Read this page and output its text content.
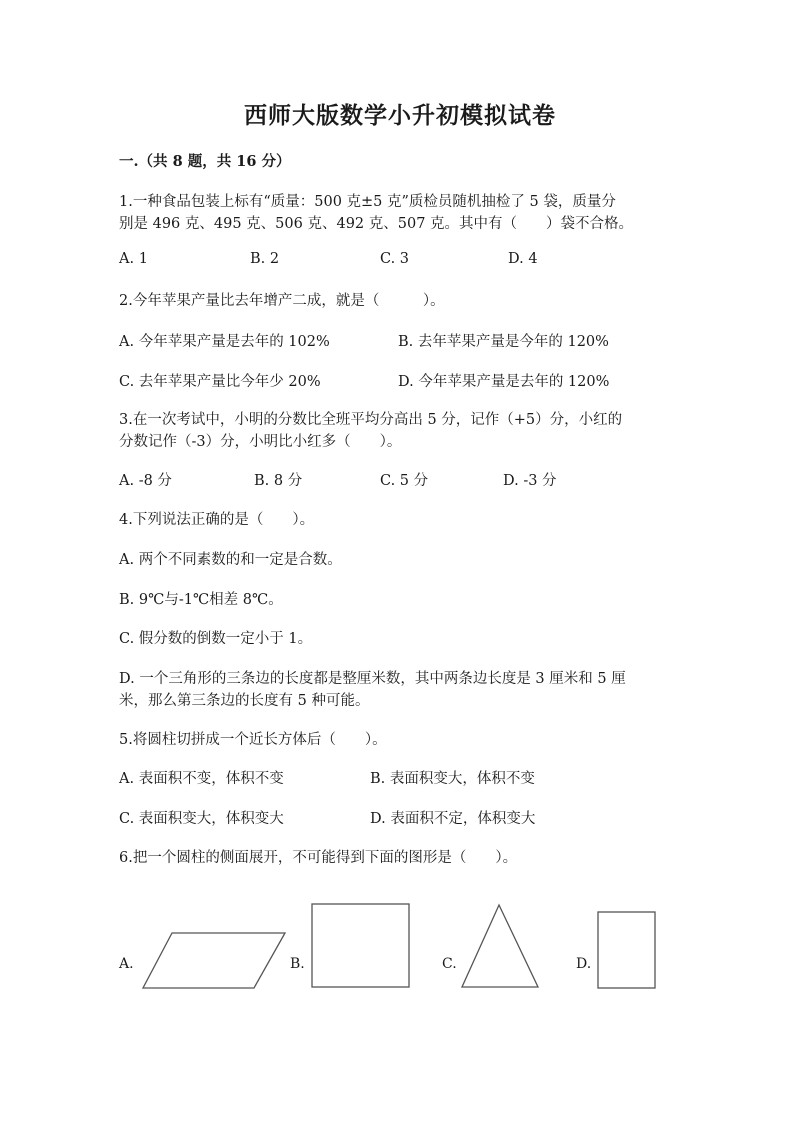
西师大版数学小升初模拟试卷
一.（共 8 题，共 16 分）
1.一种食品包装上标有“质量：500 克±5 克”质检员随机抽检了 5 袋，质量分
别是 496 克、495 克、506 克、492 克、507 克。其中有（　　）袋不合格。
A. 1	B. 2	C. 3	D. 4
2.今年苹果产量比去年增产二成，就是（　　　）。
A. 今年苹果产量是去年的 102%	B. 去年苹果产量是今年的 120%
C. 去年苹果产量比今年少 20%	D. 今年苹果产量是去年的 120%
3.在一次考试中，小明的分数比全班平均分高出 5 分，记作（+5）分，小红的
分数记作（-3）分，小明比小红多（　　）。
A. -8 分	B. 8 分	C. 5 分	D. -3 分
4.下列说法正确的是（　　）。
A. 两个不同素数的和一定是合数。
B. 9℃与-1℃相差 8℃。
C. 假分数的倒数一定小于 1。
D. 一个三角形的三条边的长度都是整厘米数，其中两条边长度是 3 厘米和 5 厘
米，那么第三条边的长度有 5 种可能。
5.将圆柱切拼成一个近长方体后（　　）。
A. 表面积不变，体积不变	B. 表面积变大，体积不变
C. 表面积变大，体积变大	D. 表面积不定，体积变大
6.把一个圆柱的侧面展开，不可能得到下面的图形是（　　）。
A.	B.	C.	D.
